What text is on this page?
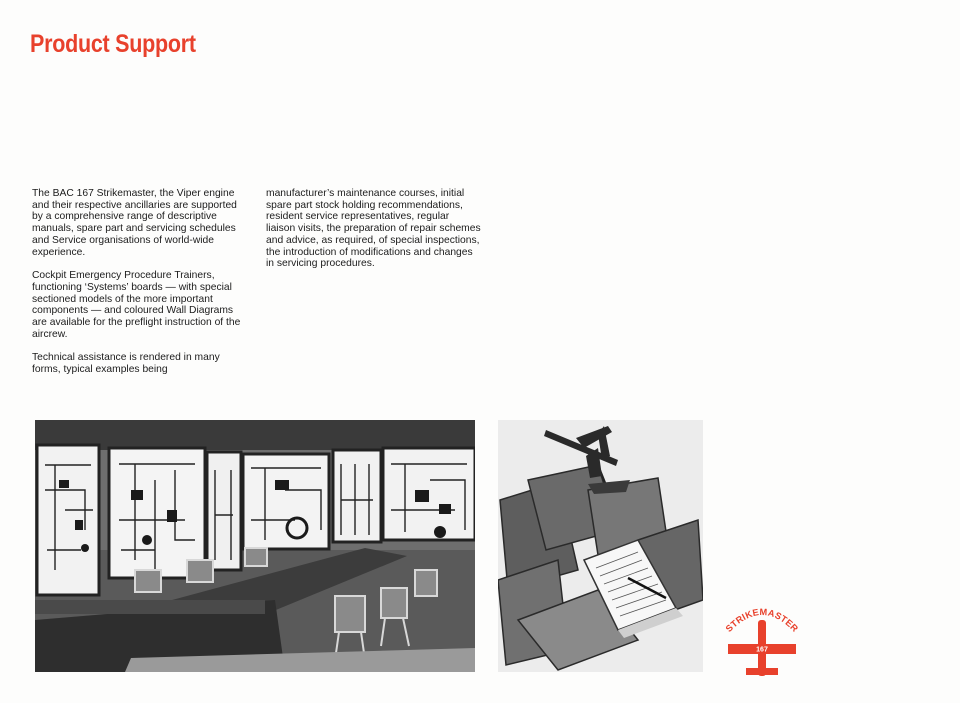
Product Support

The BAC 167 Strikemaster, the Viper engine and their respective ancillaries are supported by a comprehensive range of descriptive manuals, spare part and servicing schedules and Service organisations of world-wide experience.

Cockpit Emergency Procedure Trainers, functioning ‘Systems’ boards — with special sectioned models of the more important components — and coloured Wall Diagrams are available for the preflight instruction of the aircrew.

Technical assistance is rendered in many forms, typical examples being

manufacturer’s maintenance courses, initial spare part stock holding recommendations, resident service representatives, regular liaison visits, the preparation of repair schemes and advice, as required, of special inspections, the introduction of modifications and changes in servicing procedures.

STRIKEMASTER
167
